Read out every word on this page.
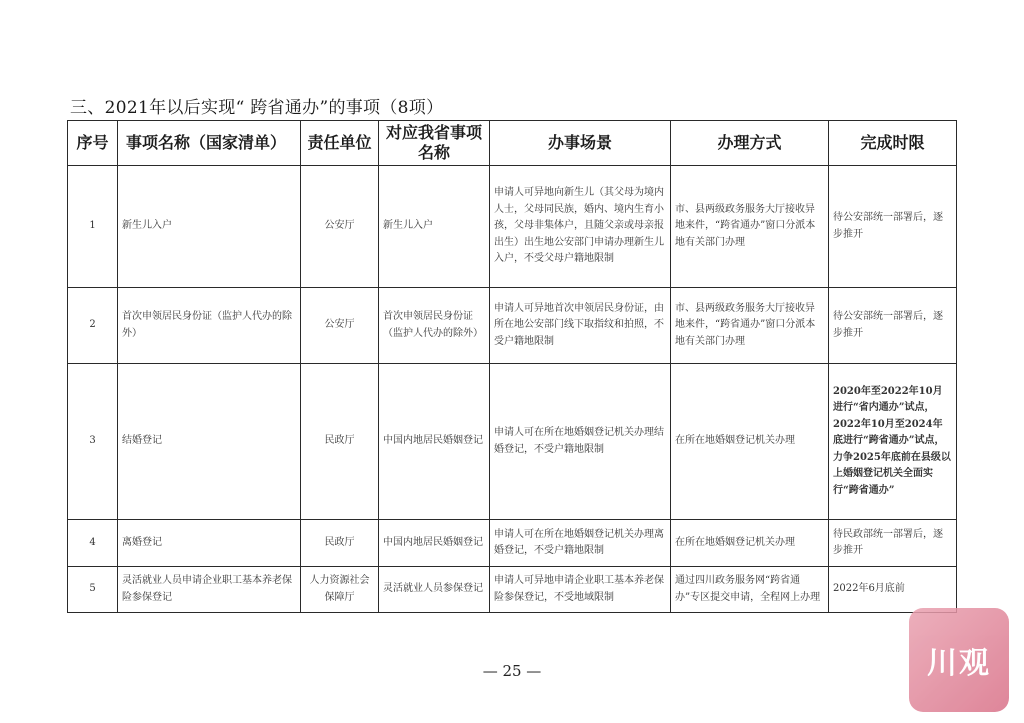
三、2021年以后实现“ 跨省通办”的事项（8项）
序号	事项名称（国家清单）	责任单位	对应我省事项名称	办事场景	办理方式	完成时限
1	新生儿入户	公安厅	新生儿入户	申请人可异地向新生儿（其父母为境内人士，父母同民族，婚内、境内生育小孩，父母非集体户，且随父亲或母亲报出生）出生地公安部门申请办理新生儿入户，不受父母户籍地限制	市、县两级政务服务大厅接收异地来件，“跨省通办”窗口分派本地有关部门办理	待公安部统一部署后，逐步推开
2	首次申领居民身份证（监护人代办的除外）	公安厅	首次申领居民身份证（监护人代办的除外）	申请人可异地首次申领居民身份证，由所在地公安部门线下取指纹和拍照，不受户籍地限制	市、县两级政务服务大厅接收异地来件，“跨省通办”窗口分派本地有关部门办理	待公安部统一部署后，逐步推开
3	结婚登记	民政厅	中国内地居民婚姻登记	申请人可在所在地婚姻登记机关办理结婚登记，不受户籍地限制	在所在地婚姻登记机关办理	2020年至2022年10月进行“省内通办”试点，2022年10月至2024年底进行“跨省通办”试点，力争2025年底前在县级以上婚姻登记机关全面实行“跨省通办”
4	离婚登记	民政厅	中国内地居民婚姻登记	申请人可在所在地婚姻登记机关办理离婚登记，不受户籍地限制	在所在地婚姻登记机关办理	待民政部统一部署后，逐步推开
5	灵活就业人员申请企业职工基本养老保险参保登记	人力资源社会保障厅	灵活就业人员参保登记	申请人可异地申请企业职工基本养老保险参保登记，不受地域限制	通过四川政务服务网“跨省通办”专区提交申请，全程网上办理	2022年6月底前
— 25 —	川观
